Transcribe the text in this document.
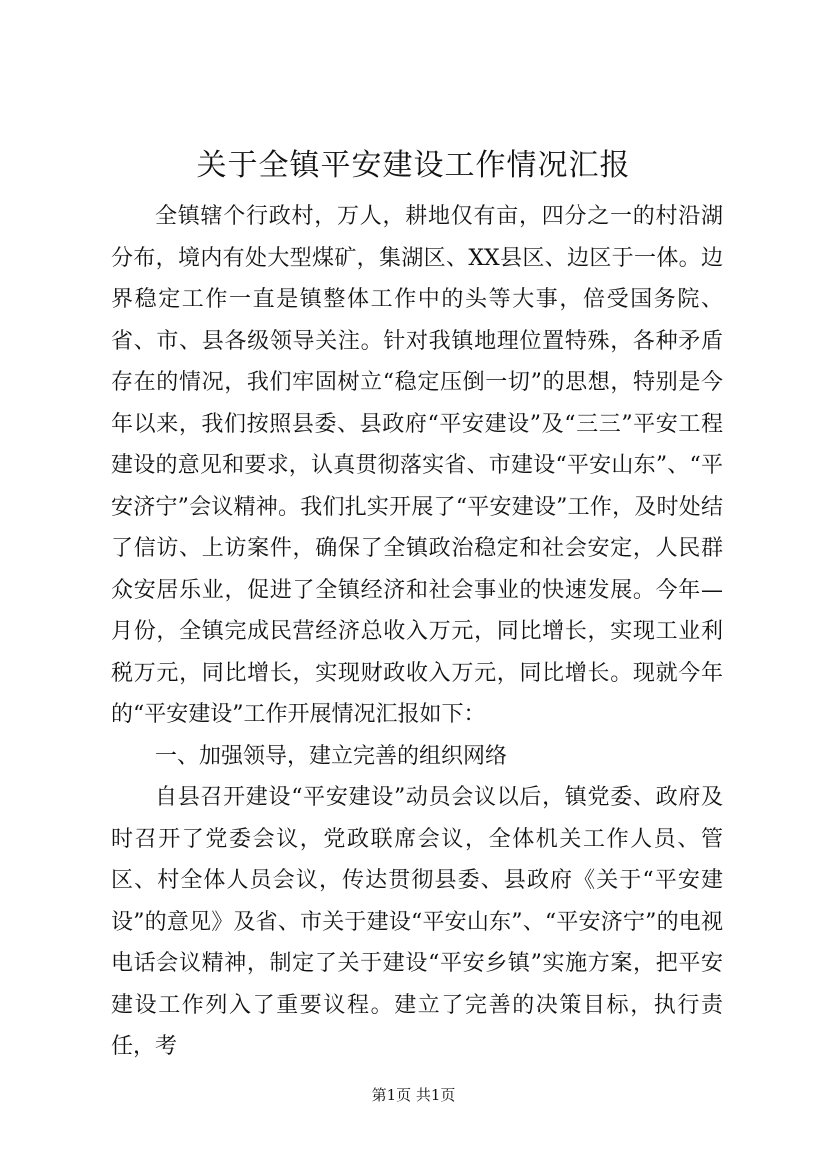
关于全镇平安建设工作情况汇报

全镇辖个行政村，万人，耕地仅有亩，四分之一的村沿湖分布，境内有处大型煤矿，集湖区、XX县区、边区于一体。边界稳定工作一直是镇整体工作中的头等大事，倍受国务院、省、市、县各级领导关注。针对我镇地理位置特殊，各种矛盾存在的情况，我们牢固树立“稳定压倒一切”的思想，特别是今年以来，我们按照县委、县政府“平安建设”及“三三”平安工程建设的意见和要求，认真贯彻落实省、市建设“平安山东”、“平安济宁”会议精神。我们扎实开展了“平安建设”工作，及时处结了信访、上访案件，确保了全镇政治稳定和社会安定，人民群众安居乐业，促进了全镇经济和社会事业的快速发展。今年—月份，全镇完成民营经济总收入万元，同比增长，实现工业利税万元，同比增长，实现财政收入万元，同比增长。现就今年的“平安建设”工作开展情况汇报如下：

一、加强领导，建立完善的组织网络

自县召开建设“平安建设”动员会议以后，镇党委、政府及时召开了党委会议，党政联席会议，全体机关工作人员、管区、村全体人员会议，传达贯彻县委、县政府《关于“平安建设”的意见》及省、市关于建设“平安山东”、“平安济宁”的电视电话会议精神，制定了关于建设“平安乡镇”实施方案，把平安建设工作列入了重要议程。建立了完善的决策目标，执行责任，考

第1页 共1页
